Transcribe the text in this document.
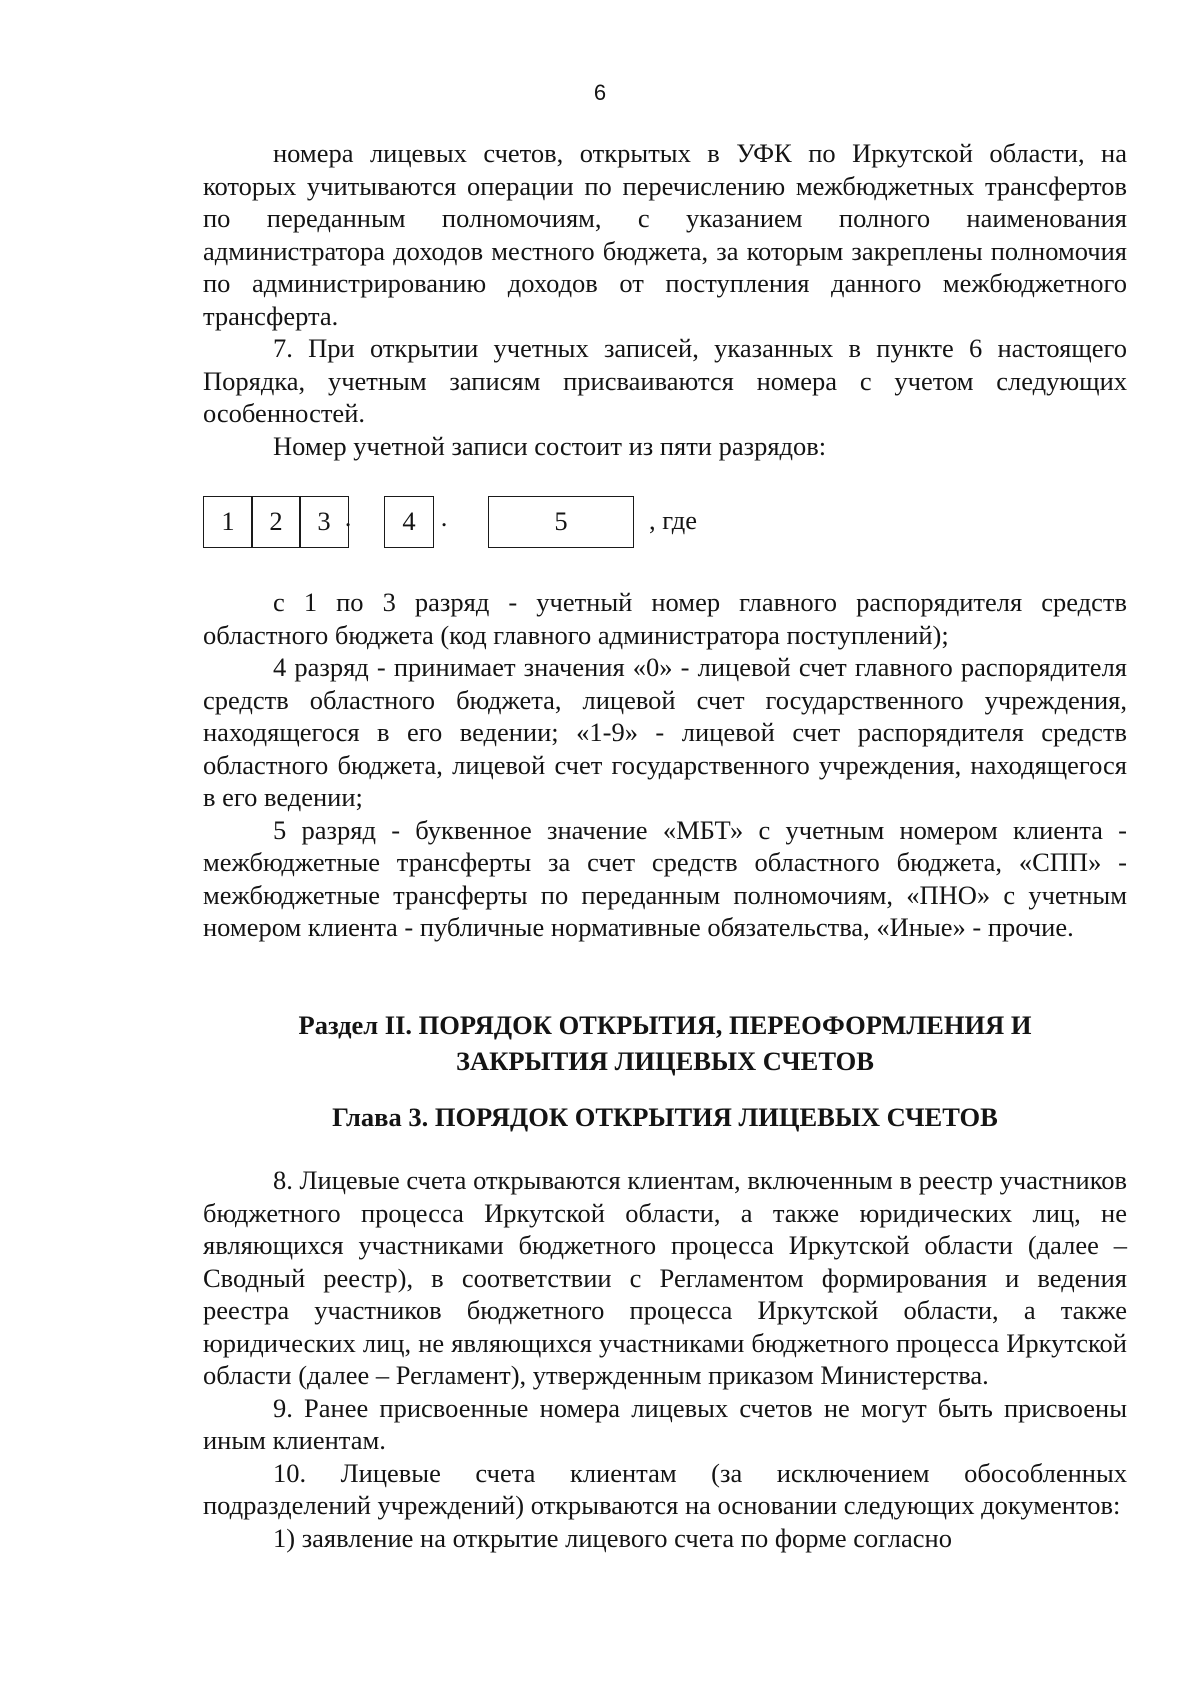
6

номера лицевых счетов, открытых в УФК по Иркутской области, на которых учитываются операции по перечислению межбюджетных трансфертов по переданным полномочиям, с указанием полного наименования администратора доходов местного бюджета, за которым закреплены полномочия по администрированию доходов от поступления данного межбюджетного трансферта.

7. При открытии учетных записей, указанных в пункте 6 настоящего Порядка, учетным записям присваиваются номера с учетом следующих особенностей.

Номер учетной записи состоит из пяти разрядов:

1	2	3 .	4 .	5	, где

с 1 по 3 разряд - учетный номер главного распорядителя средств областного бюджета (код главного администратора поступлений);

4 разряд - принимает значения «0» - лицевой счет главного распорядителя средств областного бюджета, лицевой счет государственного учреждения, находящегося в его ведении; «1-9» - лицевой счет распорядителя средств областного бюджета, лицевой счет государственного учреждения, находящегося в его ведении;

5 разряд - буквенное значение «МБТ» с учетным номером клиента - межбюджетные трансферты за счет средств областного бюджета, «СПП» - межбюджетные трансферты по переданным полномочиям, «ПНО» с учетным номером клиента - публичные нормативные обязательства, «Иные» - прочие.

Раздел II. ПОРЯДОК ОТКРЫТИЯ, ПЕРЕОФОРМЛЕНИЯ И
ЗАКРЫТИЯ ЛИЦЕВЫХ СЧЕТОВ
Глава 3. ПОРЯДОК ОТКРЫТИЯ ЛИЦЕВЫХ СЧЕТОВ

8. Лицевые счета открываются клиентам, включенным в реестр участников бюджетного процесса Иркутской области, а также юридических лиц, не являющихся участниками бюджетного процесса Иркутской области (далее – Сводный реестр), в соответствии с Регламентом формирования и ведения реестра участников бюджетного процесса Иркутской области, а также юридических лиц, не являющихся участниками бюджетного процесса Иркутской области (далее – Регламент), утвержденным приказом Министерства.

9. Ранее присвоенные номера лицевых счетов не могут быть присвоены иным клиентам.

10. Лицевые счета клиентам (за исключением обособленных подразделений учреждений) открываются на основании следующих документов:

1) заявление на открытие лицевого счета по форме согласно
